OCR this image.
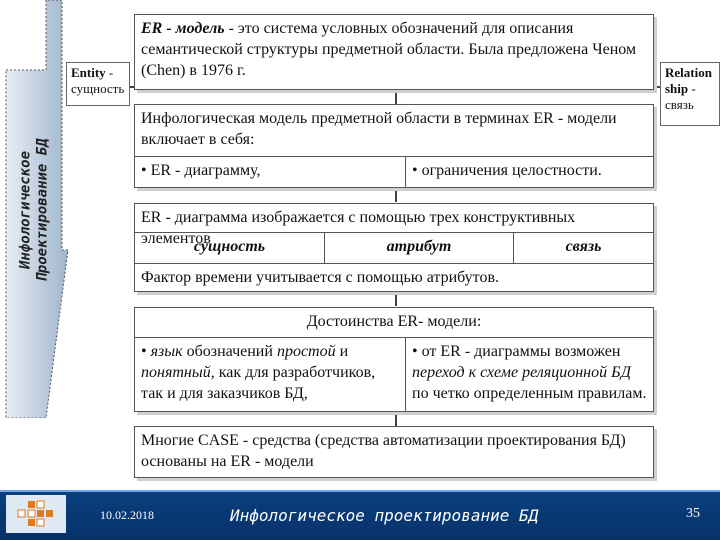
Инфологическое Проектирование БД
Entity -
сущность
Relation
ship -
связь
ER - модель - это система условных обозначений для описания семантической структуры предметной области. Была предложена Ченом (Chen) в 1976 г.
Инфологическая модель предметной области в терминах ER - модели включает в себя:
• ER - диаграмму,	• ограничения целостности.
ER - диаграмма изображается с помощью трех конструктивных элементов
сущность	атрибут	связь
Фактор времени учитывается с помощью атрибутов.
Достоинства ER- модели:
• язык обозначений простой и понятный, как для разработчиков, так и для заказчиков БД,
• от ER - диаграммы возможен переход к схеме реляционной БД по четко определенным правилам.
Многие CASE - средства (средства автоматизации проектирования БД) основаны на ER - модели
10.02.2018	Инфологическое проектирование БД	35
